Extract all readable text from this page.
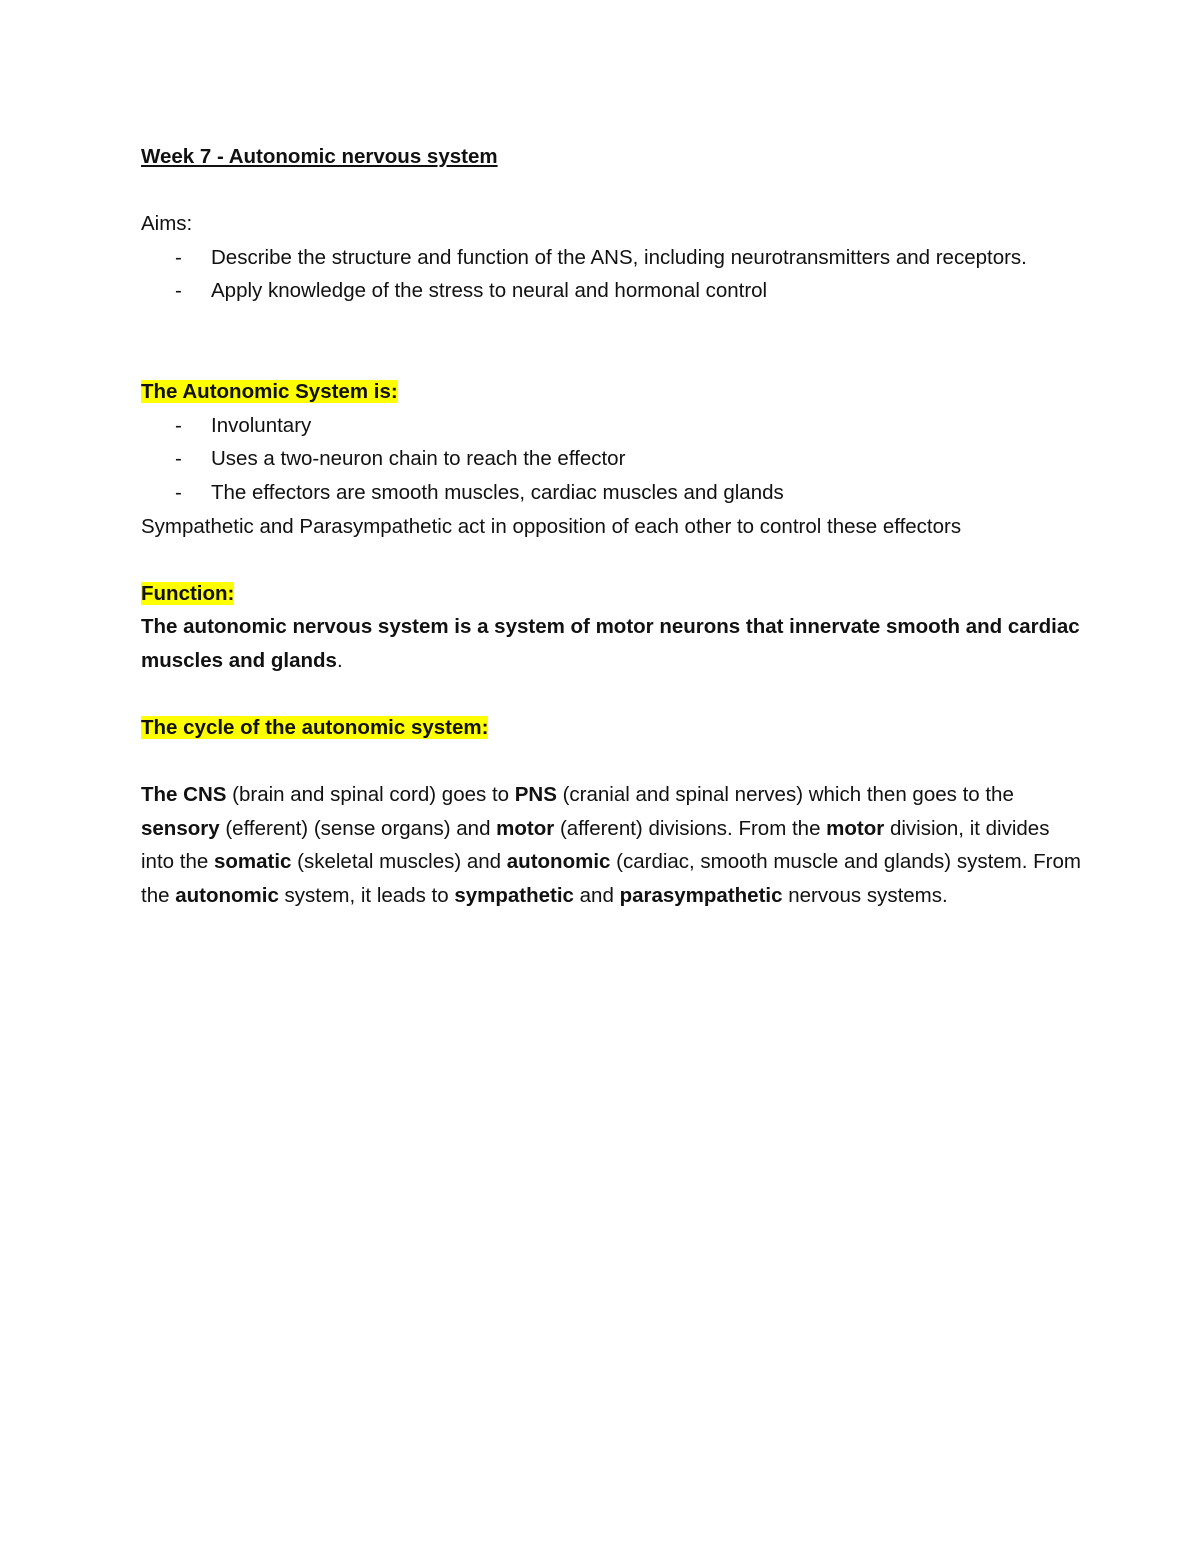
Week 7 - Autonomic nervous system

Aims:

- Describe the structure and function of the ANS, including neurotransmitters and receptors.
- Apply knowledge of the stress to neural and hormonal control

The Autonomic System is:

- Involuntary
- Uses a two-neuron chain to reach the effector
- The effectors are smooth muscles, cardiac muscles and glands

Sympathetic and Parasympathetic act in opposition of each other to control these effectors

Function:

The autonomic nervous system is a system of motor neurons that innervate smooth and cardiac muscles and glands.

The cycle of the autonomic system:

The CNS (brain and spinal cord) goes to PNS (cranial and spinal nerves) which then goes to the sensory (efferent) (sense organs) and motor (afferent) divisions. From the motor division, it divides into the somatic (skeletal muscles) and autonomic (cardiac, smooth muscle and glands) system. From the autonomic system, it leads to sympathetic and parasympathetic nervous systems.
